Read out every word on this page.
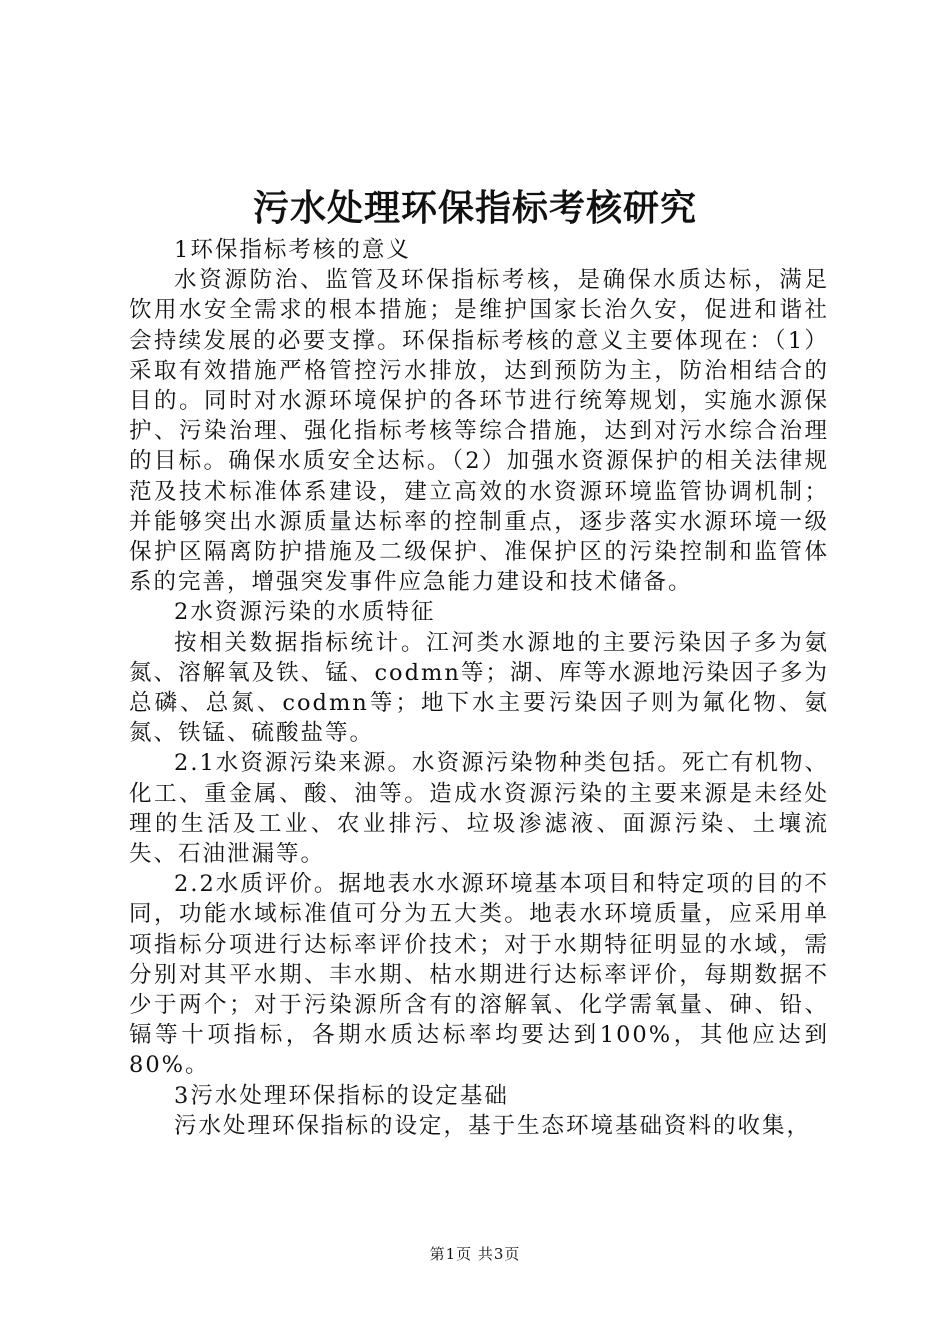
污水处理环保指标考核研究

1环保指标考核的意义

水资源防治、监管及环保指标考核，是确保水质达标，满足饮用水安全需求的根本措施；是维护国家长治久安，促进和谐社会持续发展的必要支撑。环保指标考核的意义主要体现在：（1）采取有效措施严格管控污水排放，达到预防为主，防治相结合的目的。同时对水源环境保护的各环节进行统筹规划，实施水源保护、污染治理、强化指标考核等综合措施，达到对污水综合治理的目标。确保水质安全达标。（2）加强水资源保护的相关法律规范及技术标准体系建设，建立高效的水资源环境监管协调机制；并能够突出水源质量达标率的控制重点，逐步落实水源环境一级保护区隔离防护措施及二级保护、准保护区的污染控制和监管体系的完善，增强突发事件应急能力建设和技术储备。

2水资源污染的水质特征

按相关数据指标统计。江河类水源地的主要污染因子多为氨氮、溶解氧及铁、锰、codmn等；湖、库等水源地污染因子多为总磷、总氮、codmn等；地下水主要污染因子则为氟化物、氨氮、铁锰、硫酸盐等。

2.1水资源污染来源。水资源污染物种类包括。死亡有机物、化工、重金属、酸、油等。造成水资源污染的主要来源是未经处理的生活及工业、农业排污、垃圾渗滤液、面源污染、土壤流失、石油泄漏等。

2.2水质评价。据地表水水源环境基本项目和特定项的目的不同，功能水域标准值可分为五大类。地表水环境质量，应采用单项指标分项进行达标率评价技术；对于水期特征明显的水域，需分别对其平水期、丰水期、枯水期进行达标率评价，每期数据不少于两个；对于污染源所含有的溶解氧、化学需氧量、砷、铅、镉等十项指标，各期水质达标率均要达到100%，其他应达到80%。

3污水处理环保指标的设定基础

污水处理环保指标的设定，基于生态环境基础资料的收集，

第1页 共3页
